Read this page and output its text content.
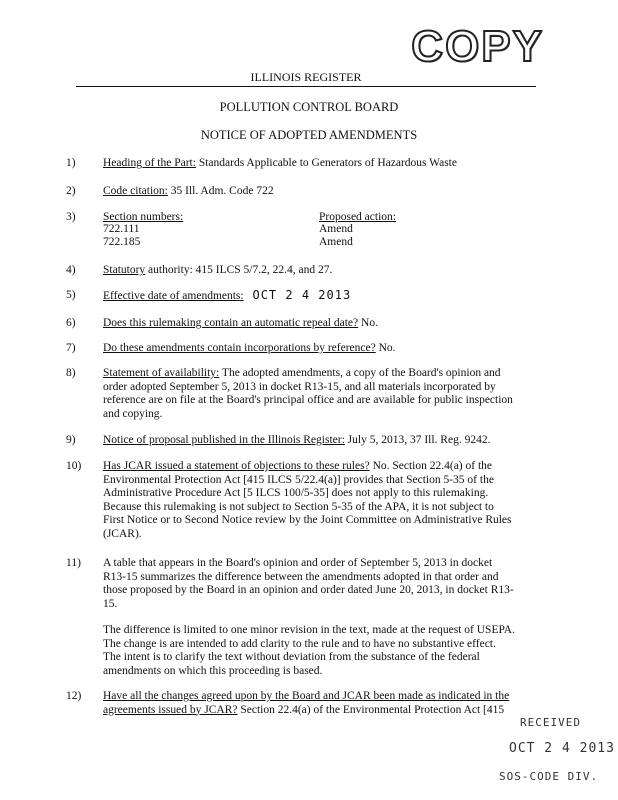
COPY
ILLINOIS REGISTER
POLLUTION CONTROL BOARD
NOTICE OF ADOPTED AMENDMENTS
1)	Heading of the Part: Standards Applicable to Generators of Hazardous Waste
2)	Code citation: 35 Ill. Adm. Code 722
3)	Section numbers:	Proposed action:
722.111	Amend
722.185	Amend
4)	Statutory authority: 415 ILCS 5/7.2, 22.4, and 27.
5)	Effective date of amendments: OCT 2 4 2013
6)	Does this rulemaking contain an automatic repeal date? No.
7)	Do these amendments contain incorporations by reference? No.
8)	Statement of availability: The adopted amendments, a copy of the Board's opinion and
order adopted September 5, 2013 in docket R13-15, and all materials incorporated by
reference are on file at the Board's principal office and are available for public inspection
and copying.
9)	Notice of proposal published in the Illinois Register: July 5, 2013, 37 Ill. Reg. 9242.
10)	Has JCAR issued a statement of objections to these rules? No. Section 22.4(a) of the
Environmental Protection Act [415 ILCS 5/22.4(a)] provides that Section 5-35 of the
Administrative Procedure Act [5 ILCS 100/5-35] does not apply to this rulemaking.
Because this rulemaking is not subject to Section 5-35 of the APA, it is not subject to
First Notice or to Second Notice review by the Joint Committee on Administrative Rules
(JCAR).
11)	A table that appears in the Board's opinion and order of September 5, 2013 in docket
R13-15 summarizes the difference between the amendments adopted in that order and
those proposed by the Board in an opinion and order dated June 20, 2013, in docket R13-
15.
The difference is limited to one minor revision in the text, made at the request of USEPA.
The change is are intended to add clarity to the rule and to have no substantive effect.
The intent is to clarify the text without deviation from the substance of the federal
amendments on which this proceeding is based.
12)	Have all the changes agreed upon by the Board and JCAR been made as indicated in the
agreements issued by JCAR? Section 22.4(a) of the Environmental Protection Act [415
RECEIVED
OCT 2 4 2013
SOS-CODE DIV.
